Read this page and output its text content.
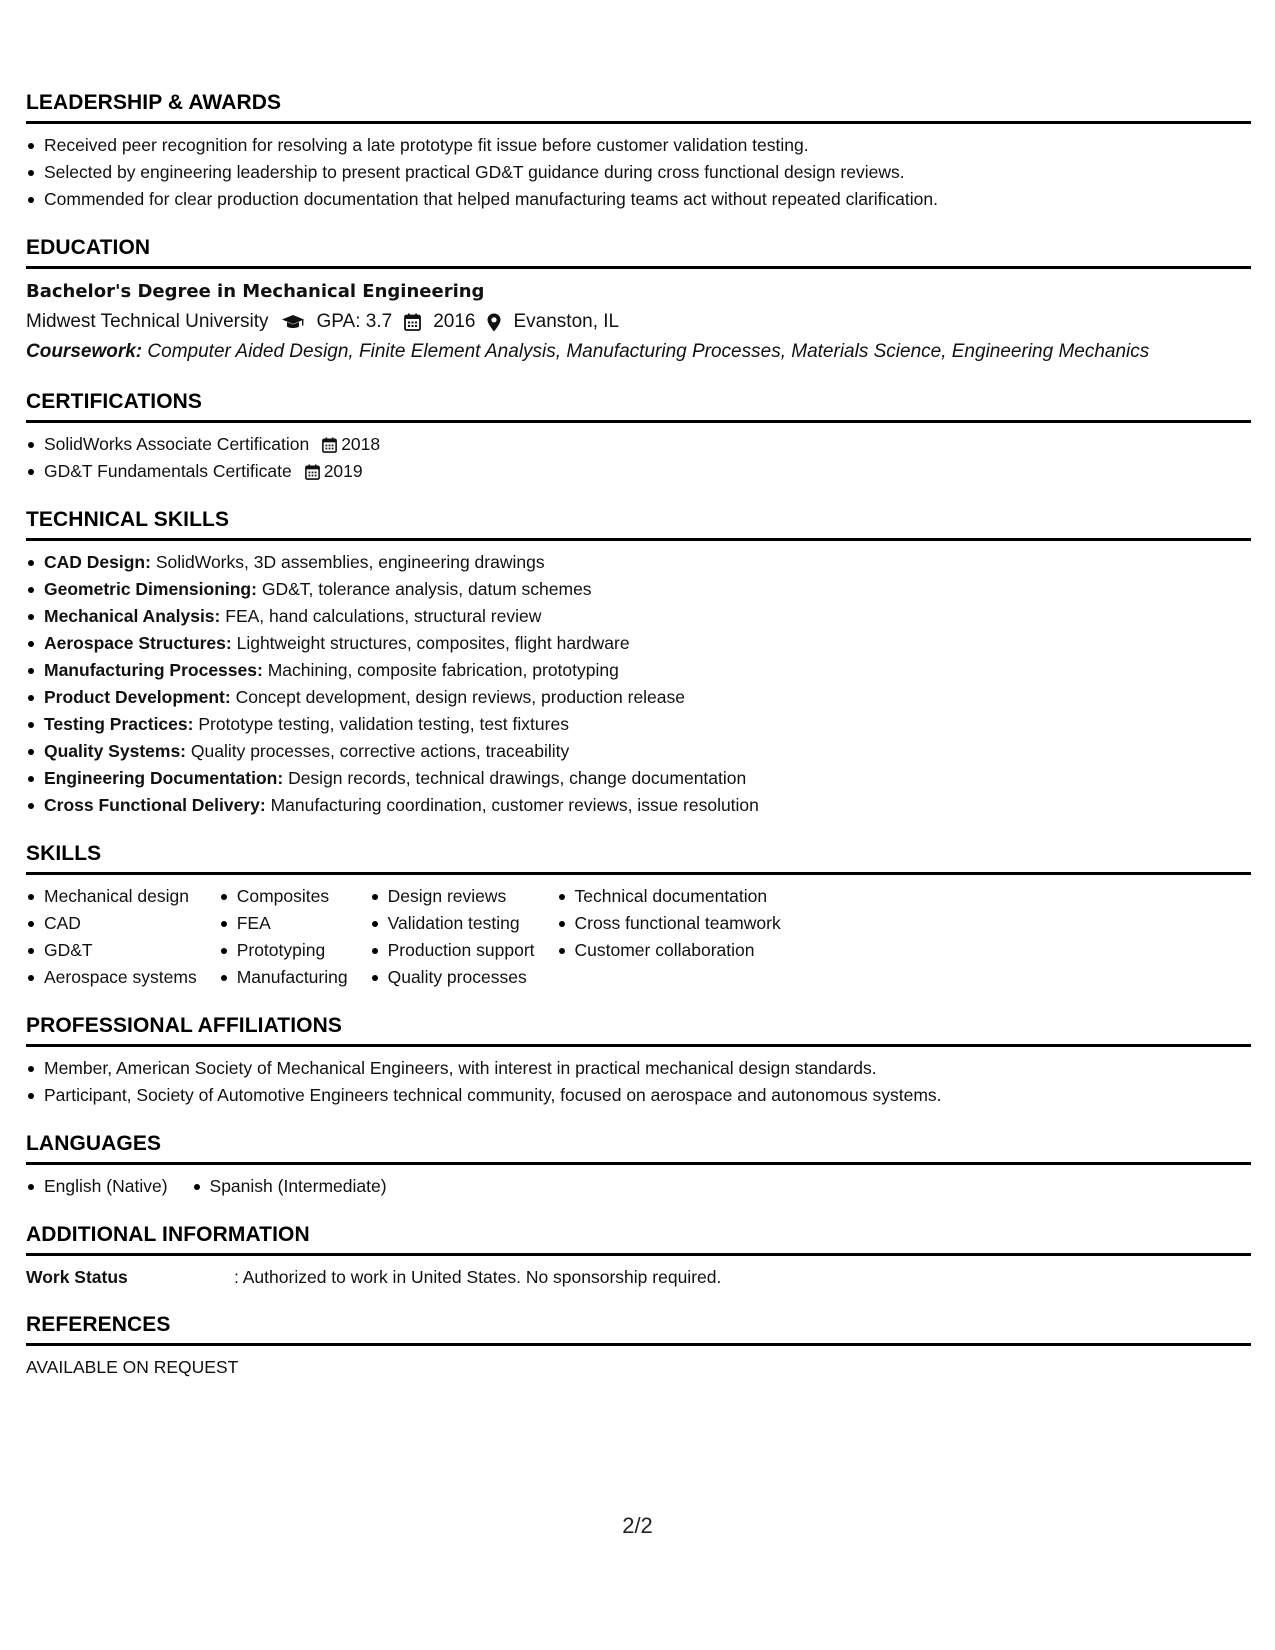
LEADERSHIP & AWARDS
Received peer recognition for resolving a late prototype fit issue before customer validation testing.
Selected by engineering leadership to present practical GD&T guidance during cross functional design reviews.
Commended for clear production documentation that helped manufacturing teams act without repeated clarification.
EDUCATION
Bachelor's Degree in Mechanical Engineering
Midwest Technical University	GPA: 3.7 2016 Evanston, IL
Coursework: Computer Aided Design, Finite Element Analysis, Manufacturing Processes, Materials Science, Engineering Mechanics
CERTIFICATIONS
SolidWorks Associate Certification 2018
GD&T Fundamentals Certificate 2019
TECHNICAL SKILLS
CAD Design: SolidWorks, 3D assemblies, engineering drawings
Geometric Dimensioning: GD&T, tolerance analysis, datum schemes
Mechanical Analysis: FEA, hand calculations, structural review
Aerospace Structures: Lightweight structures, composites, flight hardware
Manufacturing Processes: Machining, composite fabrication, prototyping
Product Development: Concept development, design reviews, production release
Testing Practices: Prototype testing, validation testing, test fixtures
Quality Systems: Quality processes, corrective actions, traceability
Engineering Documentation: Design records, technical drawings, change documentation
Cross Functional Delivery: Manufacturing coordination, customer reviews, issue resolution
SKILLS
Mechanical design
CAD
GD&T
Aerospace systems
Composites
FEA
Prototyping
Manufacturing
Design reviews
Validation testing
Production support
Quality processes
Technical documentation
Cross functional teamwork
Customer collaboration
PROFESSIONAL AFFILIATIONS
Member, American Society of Mechanical Engineers, with interest in practical mechanical design standards.
Participant, Society of Automotive Engineers technical community, focused on aerospace and autonomous systems.
LANGUAGES
English (Native)	Spanish (Intermediate)
ADDITIONAL INFORMATION
Work Status	: Authorized to work in United States. No sponsorship required.
REFERENCES
AVAILABLE ON REQUEST
2/2
